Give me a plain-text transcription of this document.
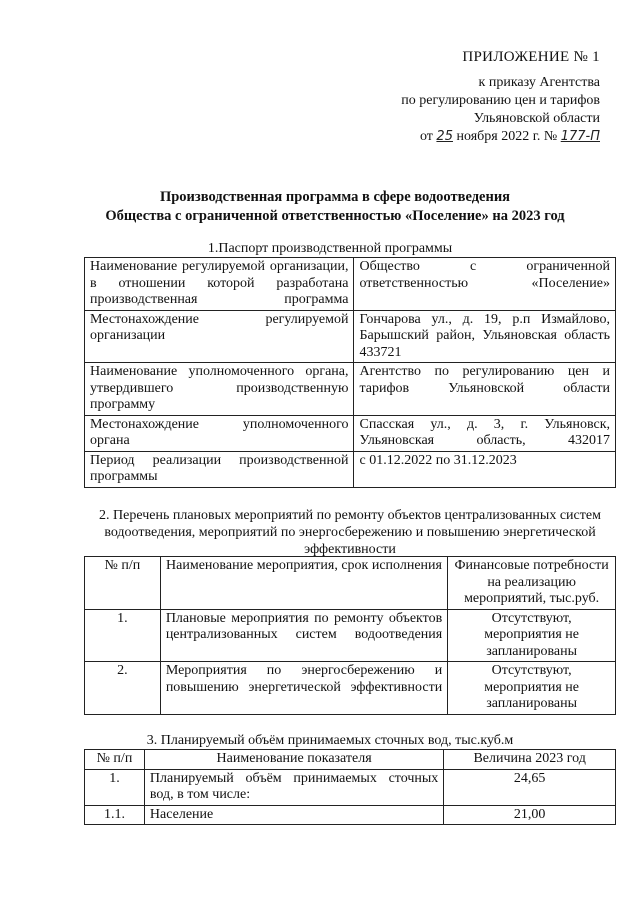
ПРИЛОЖЕНИЕ № 1
к приказу Агентства
по регулированию цен и тарифов
Ульяновской области
от 25 ноября 2022 г. № 177-П
Производственная программа в сфере водоотведения
Общества с ограниченной ответственностью «Поселение» на 2023 год
1.Паспорт производственной программы
Наименование регулируемой организации, в отношении которой разработана производственная программа	Общество с ограниченной ответственностью «Поселение»
Местонахождение регулируемой организации	Гончарова ул., д. 19, р.п Измайлово, Барышский район, Ульяновская область 433721
Наименование уполномоченного органа, утвердившего производственную программу	Агентство по регулированию цен и тарифов Ульяновской области
Местонахождение уполномоченного органа	Спасская ул., д. 3, г. Ульяновск, Ульяновская область, 432017
Период реализации производственной программы	с 01.12.2022 по 31.12.2023
2. Перечень плановых мероприятий по ремонту объектов централизованных систем водоотведения, мероприятий по энергосбережению и повышению энергетической эффективности
№ п/п	Наименование мероприятия, срок исполнения	Финансовые потребности на реализацию мероприятий, тыс.руб.
1.	Плановые мероприятия по ремонту объектов централизованных систем водоотведения	Отсутствуют, мероприятия не запланированы
2.	Мероприятия по энергосбережению и повышению энергетической эффективности	Отсутствуют, мероприятия не запланированы
3. Планируемый объём принимаемых сточных вод, тыс.куб.м
№ п/п	Наименование показателя	Величина 2023 год
1.	Планируемый объём принимаемых сточных вод, в том числе:	24,65
1.1.	Население	21,00
